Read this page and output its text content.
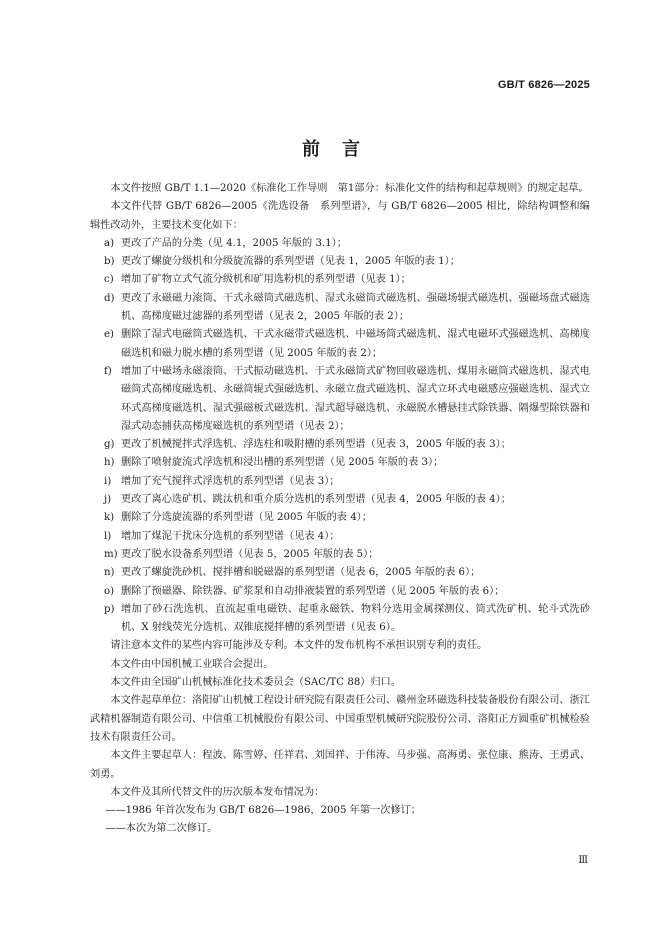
GB/T 6826—2025
前言

本文件按照 GB/T 1.1—2020《标准化工作导则　第1部分：标准化文件的结构和起草规则》的规定起草。

本文件代替 GB/T 6826—2005《洗选设备　系列型谱》，与 GB/T 6826—2005 相比，除结构调整和编辑性改动外，主要技术变化如下：

a) 更改了产品的分类（见 4.1，2005 年版的 3.1）；
b) 更改了螺旋分级机和分级旋流器的系列型谱（见表 1，2005 年版的表 1）；
c) 增加了矿物立式气流分级机和矿用选粉机的系列型谱（见表 1）；
d) 更改了永磁磁力滚筒、干式永磁筒式磁选机、湿式永磁筒式磁选机、强磁场辊式磁选机、强磁场盘式磁选机、高梯度磁过滤器的系列型谱（见表 2，2005 年版的表 2）；
e) 删除了湿式电磁筒式磁选机、干式永磁带式磁选机、中磁场筒式磁选机、湿式电磁环式强磁选机、高梯度磁选机和磁力脱水槽的系列型谱（见 2005 年版的表 2）；
f) 增加了中磁场永磁滚筒、干式振动磁选机、干式永磁筒式矿物回收磁选机、煤用永磁筒式磁选机、湿式电磁筒式高梯度磁选机、永磁筒辊式强磁选机、永磁立盘式磁选机、湿式立环式电磁感应强磁选机、湿式立环式高梯度磁选机、湿式强磁板式磁选机、湿式超导磁选机、永磁脱水槽悬挂式除铁器、隔爆型除铁器和湿式动态捕获高梯度磁选机的系列型谱（见表 2）；
g) 更改了机械搅拌式浮选机、浮选柱和吸附槽的系列型谱（见表 3，2005 年版的表 3）；
h) 删除了喷射旋流式浮选机和浸出槽的系列型谱（见 2005 年版的表 3）；
i) 增加了充气搅拌式浮选机的系列型谱（见表 3）；
j) 更改了离心选矿机、跳汰机和重介质分选机的系列型谱（见表 4，2005 年版的表 4）；
k) 删除了分选旋流器的系列型谱（见 2005 年版的表 4）；
l) 增加了煤泥干扰床分选机的系列型谱（见表 4）；
m) 更改了脱水设备系列型谱（见表 5，2005 年版的表 5）；
n) 更改了螺旋洗砂机、搅拌槽和脱磁器的系列型谱（见表 6，2005 年版的表 6）；
o) 删除了预磁器、除铁器、矿浆泵和自动排液装置的系列型谱（见 2005 年版的表 6）；
p) 增加了砂石洗选机、直流起重电磁铁、起重永磁铁、物料分选用金属探测仪、筒式洗矿机、轮斗式洗砂机、X 射线荧光分选机、双锥底搅拌槽的系列型谱（见表 6）。

请注意本文件的某些内容可能涉及专利。本文件的发布机构不承担识别专利的责任。

本文件由中国机械工业联合会提出。

本文件由全国矿山机械标准化技术委员会（SAC/TC 88）归口。

本文件起草单位：洛阳矿山机械工程设计研究院有限责任公司、赣州金环磁选科技装备股份有限公司、浙江武精机器制造有限公司、中信重工机械股份有限公司、中国重型机械研究院股份公司、洛阳正方圆重矿机械检验技术有限责任公司。

本文件主要起草人：程波、陈雪婷、任祥君、刘国祥、于伟涛、马步强、高海勇、张位康、熊涛、王勇武、刘勇。

本文件及其所代替文件的历次版本发布情况为：

——1986 年首次发布为 GB/T 6826—1986，2005 年第一次修订；

——本次为第二次修订。

Ⅲ
